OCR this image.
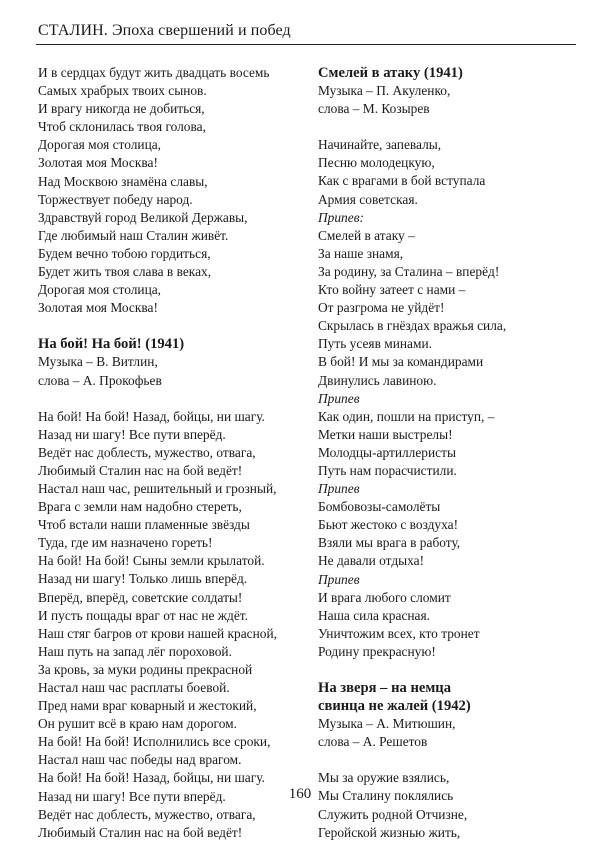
СТАЛИН. Эпоха свершений и побед
И в сердцах будут жить двадцать восемь
Самых храбрых твоих сынов.
И врагу никогда не добиться,
Чтоб склонилась твоя голова,
Дорогая моя столица,
Золотая моя Москва!
Над Москвою знамёна славы,
Торжествует победу народ.
Здравствуй город Великой Державы,
Где любимый наш Сталин живёт.
Будем вечно тобою гордиться,
Будет жить твоя слава в веках,
Дорогая моя столица,
Золотая моя Москва!
На бой! На бой! (1941)
Музыка – В. Витлин,
слова – А. Прокофьев
На бой! На бой! Назад, бойцы, ни шагу.
Назад ни шагу! Все пути вперёд.
Ведёт нас доблесть, мужество, отвага,
Любимый Сталин нас на бой ведёт!
Настал наш час, решительный и грозный,
Врага с земли нам надобно стереть,
Чтоб встали наши пламенные звёзды
Туда, где им назначено гореть!
На бой! На бой! Сыны земли крылатой.
Назад ни шагу! Только лишь вперёд.
Вперёд, вперёд, советские солдаты!
И пусть пощады враг от нас не ждёт.
Наш стяг багров от крови нашей красной,
Наш путь на запад лёг пороховой.
За кровь, за муки родины прекрасной
Настал наш час расплаты боевой.
Пред нами враг коварный и жестокий,
Он рушит всё в краю нам дорогом.
На бой! На бой! Исполнились все сроки,
Настал наш час победы над врагом.
На бой! На бой! Назад, бойцы, ни шагу.
Назад ни шагу! Все пути вперёд.
Ведёт нас доблесть, мужество, отвага,
Любимый Сталин нас на бой ведёт!
Смелей в атаку (1941)
Музыка – П. Акуленко,
слова – М. Козырев
Начинайте, запевалы,
Песню молодецкую,
Как с врагами в бой вступала
Армия советская.
Припев:
Смелей в атаку –
За наше знамя,
За родину, за Сталина – вперёд!
Кто войну затеет с нами –
От разгрома не уйдёт!
Скрылась в гнёздах вражья сила,
Путь усеяв минами.
В бой! И мы за командирами
Двинулись лавиною.
Припев
Как один, пошли на приступ, –
Метки наши выстрелы!
Молодцы-артиллеристы
Путь нам порасчистили.
Припев
Бомбовозы-самолёты
Бьют жестоко с воздуха!
Взяли мы врага в работу,
Не давали отдыха!
Припев
И врага любого сломит
Наша сила красная.
Уничтожим всех, кто тронет
Родину прекрасную!
На зверя – на немца
свинца не жалей (1942)
Музыка – А. Митюшин,
слова – А. Решетов
Мы за оружие взялись,
Мы Сталину поклялись
Служить родной Отчизне,
Геройской жизнью жить,
160
